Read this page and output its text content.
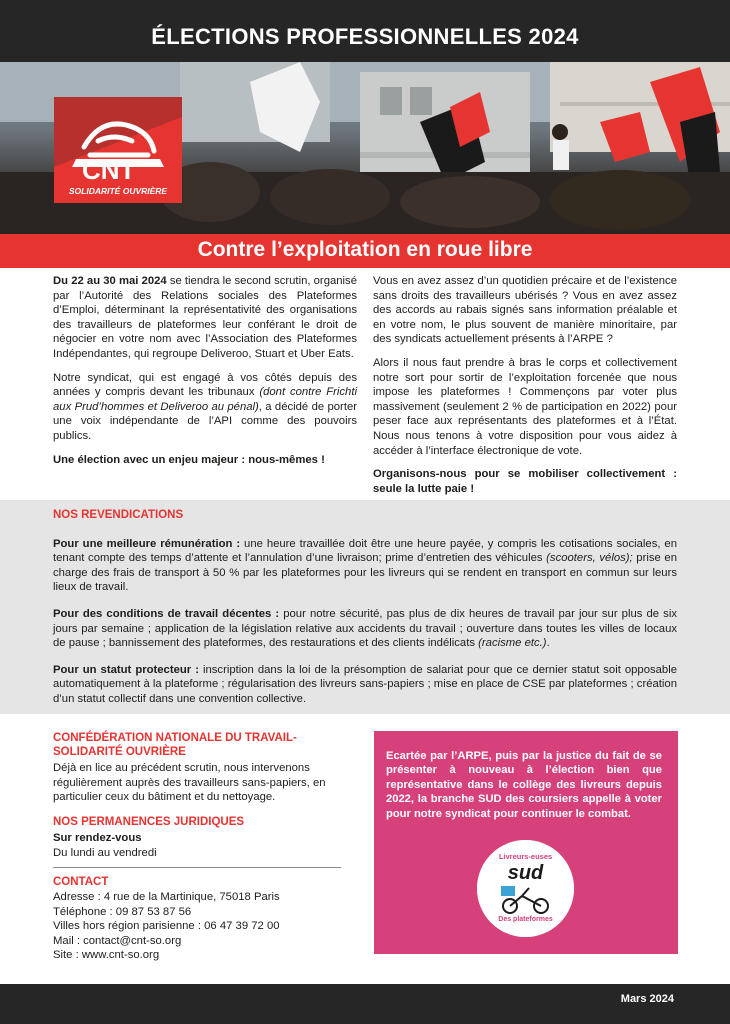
ÉLECTIONS PROFESSIONNELLES 2024
CNT
SOLIDARITÉ OUVRIÈRE
Contre l’exploitation en roue libre

Du 22 au 30 mai 2024 se tiendra le second scrutin, organisé par l’Autorité des Relations sociales des Plateformes d’Emploi, déterminant la représentativité des organisations des travailleurs de plateformes leur conférant le droit de négocier en votre nom avec l’Association des Plateformes Indépendantes, qui regroupe Deliveroo, Stuart et Uber Eats.

Notre syndicat, qui est engagé à vos côtés depuis des années y compris devant les tribunaux (dont contre Frichti aux Prud’hommes et Deliveroo au pénal), a décidé de porter une voix indépendante de l’API comme des pouvoirs publics.

Une élection avec un enjeu majeur : nous-mêmes !

Vous en avez assez d’un quotidien précaire et de l’existence sans droits des travailleurs ubérisés ? Vous en avez assez des accords au rabais signés sans information préalable et en votre nom, le plus souvent de manière minoritaire, par des syndicats actuellement présents à l’ARPE ?

Alors il nous faut prendre à bras le corps et collectivement notre sort pour sortir de l’exploitation forcenée que nous impose les plateformes ! Commençons par voter plus massivement (seulement 2 % de participation en 2022) pour peser face aux représentants des plateformes et à l’État. Nous nous tenons à votre disposition pour vous aidez à accéder à l’interface électronique de vote.

Organisons-nous pour se mobiliser collectivement : seule la lutte paie !

NOS REVENDICATIONS

Pour une meilleure rémunération : une heure travaillée doit être une heure payée, y compris les cotisations sociales, en tenant compte des temps d’attente et l’annulation d’une livraison; prime d’entretien des véhicules (scooters, vélos); prise en charge des frais de transport à 50 % par les plateformes pour les livreurs qui se rendent en transport en commun sur leurs lieux de travail.

Pour des conditions de travail décentes : pour notre sécurité, pas plus de dix heures de travail par jour sur plus de six jours par semaine ; application de la législation relative aux accidents du travail ; ouverture dans toutes les villes de locaux de pause ; bannissement des plateformes, des restaurations et des clients indélicats (racisme etc.).

Pour un statut protecteur : inscription dans la loi de la présomption de salariat pour que ce dernier statut soit opposable automatiquement à la plateforme ; régularisation des livreurs sans-papiers ; mise en place de CSE par plateformes ; création d’un statut collectif dans une convention collective.

CONFÉDÉRATION NATIONALE DU TRAVAIL-
SOLIDARITÉ OUVRIÈRE
Déjà en lice au précédent scrutin, nous intervenons régulièrement auprès des travailleurs sans-papiers, en particulier ceux du bâtiment et du nettoyage.
NOS PERMANENCES JURIDIQUES
Sur rendez-vous
Du lundi au vendredi
CONTACT
Adresse : 4 rue de la Martinique, 75018 Paris
Téléphone : 09 87 53 87 56
Villes hors région parisienne : 06 47 39 72 00
Mail : contact@cnt-so.org
Site : www.cnt-so.org
Ecartée par l’ARPE, puis par la justice du fait de se présenter à nouveau à l’élection bien que représentative dans le collège des livreurs depuis 2022, la branche SUD des coursiers appelle à voter pour notre syndicat pour continuer le combat.
Livreurs-euses
sud
Des plateformes
Mars 2024
